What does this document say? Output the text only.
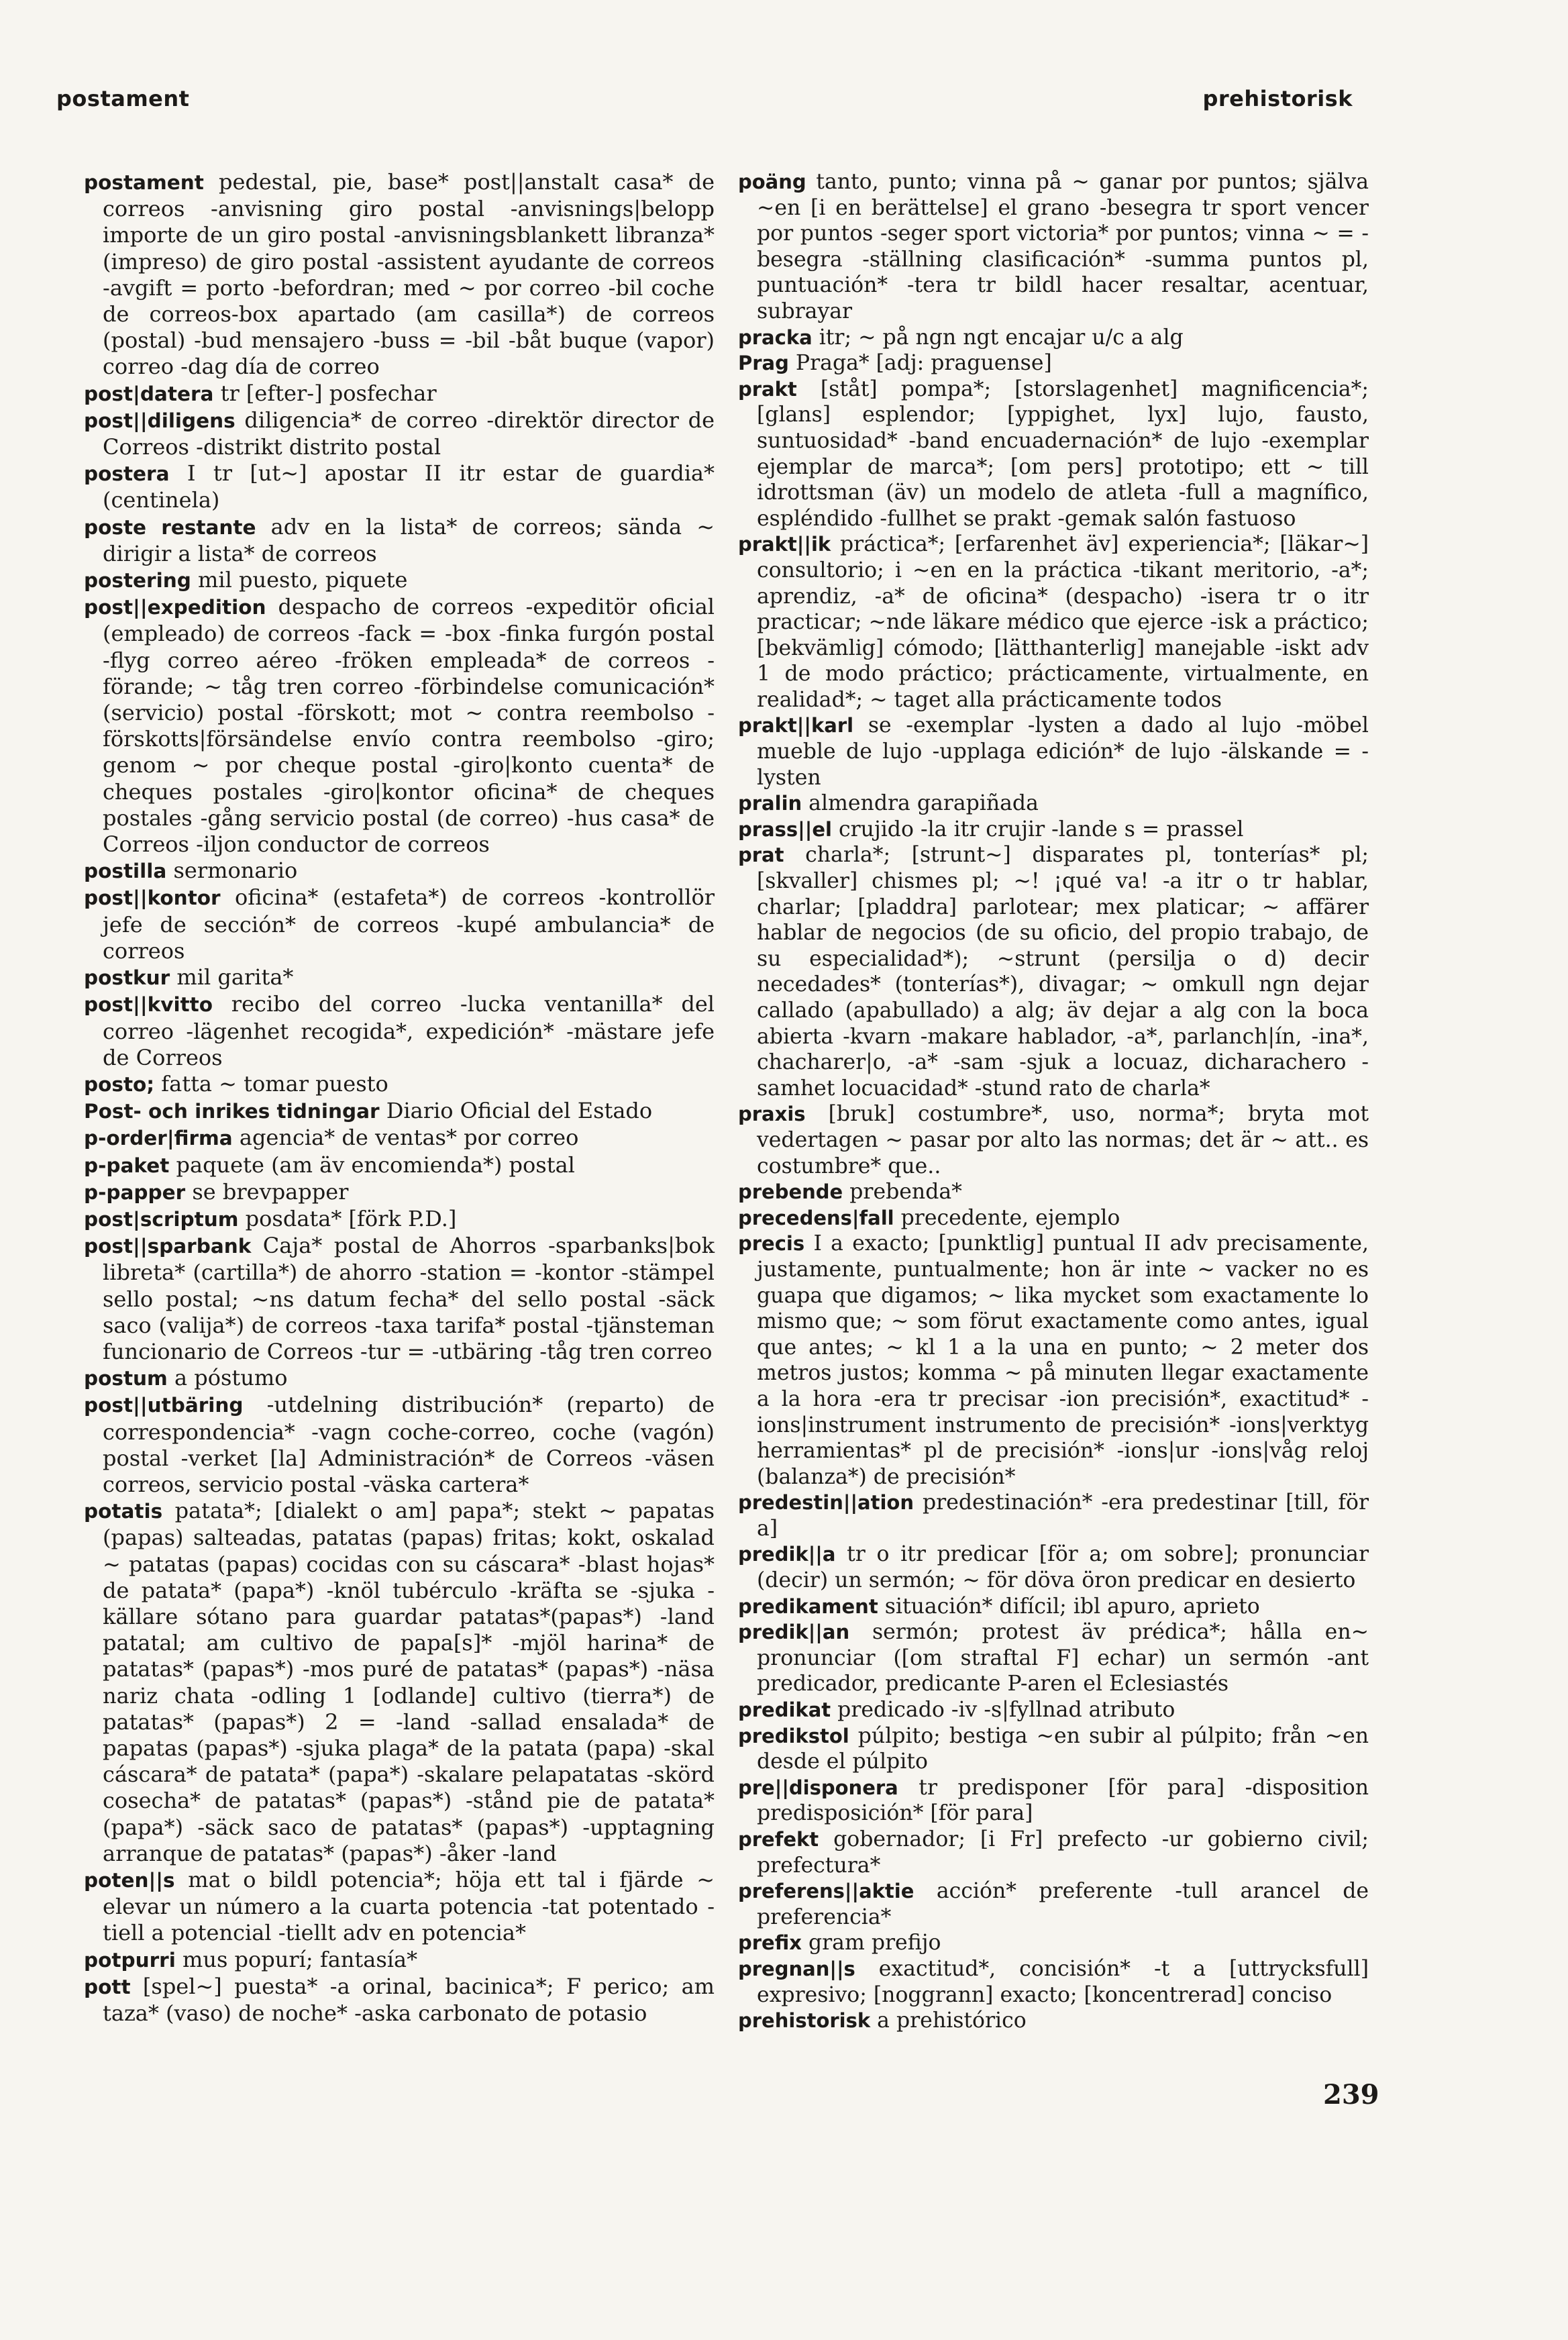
postament	prehistorisk

postament pedestal, pie, base* post||anstalt casa* de correos -anvisning giro postal -anvisnings|belopp importe de un giro postal -anvisningsblankett libranza* (impreso) de giro postal -assistent ayudante de correos -avgift = porto -befordran; med ~ por correo -bil coche de correos-box apartado (am casilla*) de correos (postal) -bud mensajero -buss = -bil -båt buque (vapor) correo -dag día de correo

post|datera tr [efter-] posfechar

post||diligens diligencia* de correo -direktör director de Correos -distrikt distrito postal

postera I tr [ut~] apostar II itr estar de guardia* (centinela)

poste restante adv en la lista* de correos; sända ~ dirigir a lista* de correos

postering mil puesto, piquete

post||expedition despacho de correos -expeditör oficial (empleado) de correos -fack = -box -finka furgón postal -flyg correo aéreo -fröken empleada* de correos -förande; ~ tåg tren correo -förbindelse comunicación* (servicio) postal -förskott; mot ~ contra reembolso -förskotts|försändelse envío contra reembolso -giro; genom ~ por cheque postal -giro|konto cuenta* de cheques postales -giro|kontor oficina* de cheques postales -gång servicio postal (de correo) -hus casa* de Correos -iljon conductor de correos

postilla sermonario

post||kontor oficina* (estafeta*) de correos -kontrollör jefe de sección* de correos -kupé ambulancia* de correos

postkur mil garita*

post||kvitto recibo del correo -lucka ventanilla* del correo -lägenhet recogida*, expedición* -mästare jefe de Correos

posto; fatta ~ tomar puesto

Post- och inrikes tidningar Diario Oficial del Estado

p-order|firma agencia* de ventas* por correo

p-paket paquete (am äv encomienda*) postal

p-papper se brevpapper

post|scriptum posdata* [förk P.D.]

post||sparbank Caja* postal de Ahorros -sparbanks|bok libreta* (cartilla*) de ahorro -station = -kontor -stämpel sello postal; ~ns datum fecha* del sello postal -säck saco (valija*) de correos -taxa tarifa* postal -tjänsteman funcionario de Correos -tur = -utbäring -tåg tren correo

postum a póstumo

post||utbäring -utdelning distribución* (reparto) de correspondencia* -vagn coche-correo, coche (vagón) postal -verket [la] Administración* de Correos -väsen correos, servicio postal -väska cartera*

potatis patata*; [dialekt o am] papa*; stekt ~ papatas (papas) salteadas, patatas (papas) fritas; kokt, oskalad ~ patatas (papas) cocidas con su cáscara* -blast hojas* de patata* (papa*) -knöl tubérculo -kräfta se -sjuka -källare sótano para guardar patatas*(papas*) -land patatal; am cultivo de papa[s]* -mjöl harina* de patatas* (papas*) -mos puré de patatas* (papas*) -näsa nariz chata -odling 1 [odlande] cultivo (tierra*) de patatas* (papas*) 2 = -land -sallad ensalada* de papatas (papas*) -sjuka plaga* de la patata (papa) -skal cáscara* de patata* (papa*) -skalare pelapatatas -skörd cosecha* de patatas* (papas*) -stånd pie de patata* (papa*) -säck saco de patatas* (papas*) -upptagning arranque de patatas* (papas*) -åker -land

poten||s mat o bildl potencia*; höja ett tal i fjärde ~ elevar un número a la cuarta potencia -tat potentado -tiell a potencial -tiellt adv en potencia*

potpurri mus popurí; fantasía*

pott [spel~] puesta* -a orinal, bacinica*; F perico; am taza* (vaso) de noche* -aska carbonato de potasio

poäng tanto, punto; vinna på ~ ganar por puntos; själva ~en [i en berättelse] el grano -besegra tr sport vencer por puntos -seger sport victoria* por puntos; vinna ~ = -besegra -ställning clasificación* -summa puntos pl, puntuación* -tera tr bildl hacer resaltar, acentuar, subrayar

pracka itr; ~ på ngn ngt encajar u/c a alg

Prag Praga* [adj: praguense]

prakt [ståt] pompa*; [storslagenhet] magnificencia*; [glans] esplendor; [yppighet, lyx] lujo, fausto, suntuosidad* -band encuadernación* de lujo -exemplar ejemplar de marca*; [om pers] prototipo; ett ~ till idrottsman (äv) un modelo de atleta -full a magnífico, espléndido -fullhet se prakt -gemak salón fastuoso

prakt||ik práctica*; [erfarenhet äv] experiencia*; [läkar~] consultorio; i ~en en la práctica -tikant meritorio, -a*; aprendiz, -a* de oficina* (despacho) -isera tr o itr practicar; ~nde läkare médico que ejerce -isk a práctico; [bekvämlig] cómodo; [lätthanterlig] manejable -iskt adv 1 de modo práctico; prácticamente, virtualmente, en realidad*; ~ taget alla prácticamente todos

prakt||karl se -exemplar -lysten a dado al lujo -möbel mueble de lujo -upplaga edición* de lujo -älskande = -lysten

pralin almendra garapiñada

prass||el crujido -la itr crujir -lande s = prassel

prat charla*; [strunt~] disparates pl, tonterías* pl; [skvaller] chismes pl; ~! ¡qué va! -a itr o tr hablar, charlar; [pladdra] parlotear; mex platicar; ~ affärer hablar de negocios (de su oficio, del propio trabajo, de su especialidad*); ~strunt (persilja o d) decir necedades* (tonterías*), divagar; ~ omkull ngn dejar callado (apabullado) a alg; äv dejar a alg con la boca abierta -kvarn -makare hablador, -a*, parlanch|ín, -ina*, chacharer|o, -a* -sam -sjuk a locuaz, dicharachero -samhet locuacidad* -stund rato de charla*

praxis [bruk] costumbre*, uso, norma*; bryta mot vedertagen ~ pasar por alto las normas; det är ~ att.. es costumbre* que..

prebende prebenda*

precedens|fall precedente, ejemplo

precis I a exacto; [punktlig] puntual II adv precisamente, justamente, puntualmente; hon är inte ~ vacker no es guapa que digamos; ~ lika mycket som exactamente lo mismo que; ~ som förut exactamente como antes, igual que antes; ~ kl 1 a la una en punto; ~ 2 meter dos metros justos; komma ~ på minuten llegar exactamente a la hora -era tr precisar -ion precisión*, exactitud* -ions|instrument instrumento de precisión* -ions|verktyg herramientas* pl de precisión* -ions|ur -ions|våg reloj (balanza*) de precisión*

predestin||ation predestinación* -era predestinar [till, för a]

predik||a tr o itr predicar [för a; om sobre]; pronunciar (decir) un sermón; ~ för döva öron predicar en desierto

predikament situación* difícil; ibl apuro, aprieto

predik||an sermón; protest äv prédica*; hålla en~ pronunciar ([om straftal F] echar) un sermón -ant predicador, predicante P-aren el Eclesiastés

predikat predicado -iv -s|fyllnad atributo

predikstol púlpito; bestiga ~en subir al púlpito; från ~en desde el púlpito

pre||disponera tr predisponer [för para] -disposition predisposición* [för para]

prefekt gobernador; [i Fr] prefecto -ur gobierno civil; prefectura*

preferens||aktie acción* preferente -tull arancel de preferencia*

prefix gram prefijo

pregnan||s exactitud*, concisión* -t a [uttrycksfull] expresivo; [noggrann] exacto; [koncentrerad] conciso

prehistorisk a prehistórico

239
